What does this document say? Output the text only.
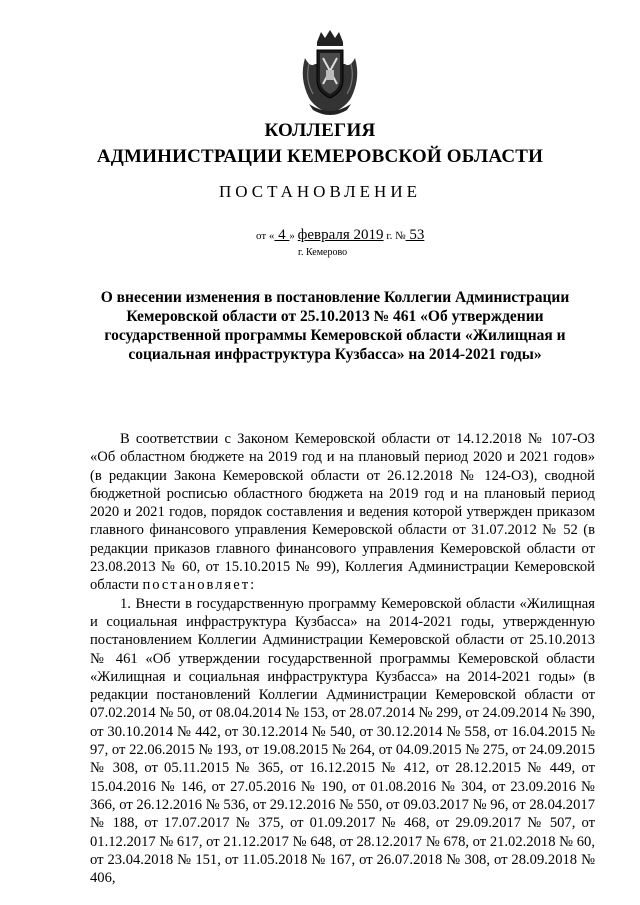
КОЛЛЕГИЯ
АДМИНИСТРАЦИИ КЕМЕРОВСКОЙ ОБЛАСТИ
ПОСТАНОВЛЕНИЕ
от « 4 » февраля 2019 г. № 53
г. Кемерово
О внесении изменения в постановление Коллегии Администрации Кемеровской области от 25.10.2013 № 461 «Об утверждении государственной программы Кемеровской области «Жилищная и социальная инфраструктура Кузбасса» на 2014-2021 годы»

В соответствии с Законом Кемеровской области от 14.12.2018 № 107-ОЗ «Об областном бюджете на 2019 год и на плановый период 2020 и 2021 годов» (в редакции Закона Кемеровской области от 26.12.2018 № 124-ОЗ), сводной бюджетной росписью областного бюджета на 2019 год и на плановый период 2020 и 2021 годов, порядок составления и ведения которой утвержден приказом главного финансового управления Кемеровской области от 31.07.2012 № 52 (в редакции приказов главного финансового управления Кемеровской области от 23.08.2013 № 60, от 15.10.2015 № 99), Коллегия Администрации Кемеровской области постановляет:

1. Внести в государственную программу Кемеровской области «Жилищная и социальная инфраструктура Кузбасса» на 2014-2021 годы, утвержденную постановлением Коллегии Администрации Кемеровской области от 25.10.2013 № 461 «Об утверждении государственной программы Кемеровской области «Жилищная и социальная инфраструктура Кузбасса» на 2014-2021 годы» (в редакции постановлений Коллегии Администрации Кемеровской области от 07.02.2014 № 50, от 08.04.2014 № 153, от 28.07.2014 № 299, от 24.09.2014 № 390, от 30.10.2014 № 442, от 30.12.2014 № 540, от 30.12.2014 № 558, от 16.04.2015 № 97, от 22.06.2015 № 193, от 19.08.2015 № 264, от 04.09.2015 № 275, от 24.09.2015 № 308, от 05.11.2015 № 365, от 16.12.2015 № 412, от 28.12.2015 № 449, от 15.04.2016 № 146, от 27.05.2016 № 190, от 01.08.2016 № 304, от 23.09.2016 № 366, от 26.12.2016 № 536, от 29.12.2016 № 550, от 09.03.2017 № 96, от 28.04.2017 № 188, от 17.07.2017 № 375, от 01.09.2017 № 468, от 29.09.2017 № 507, от 01.12.2017 № 617, от 21.12.2017 № 648, от 28.12.2017 № 678, от 21.02.2018 № 60, от 23.04.2018 № 151, от 11.05.2018 № 167, от 26.07.2018 № 308, от 28.09.2018 № 406,
